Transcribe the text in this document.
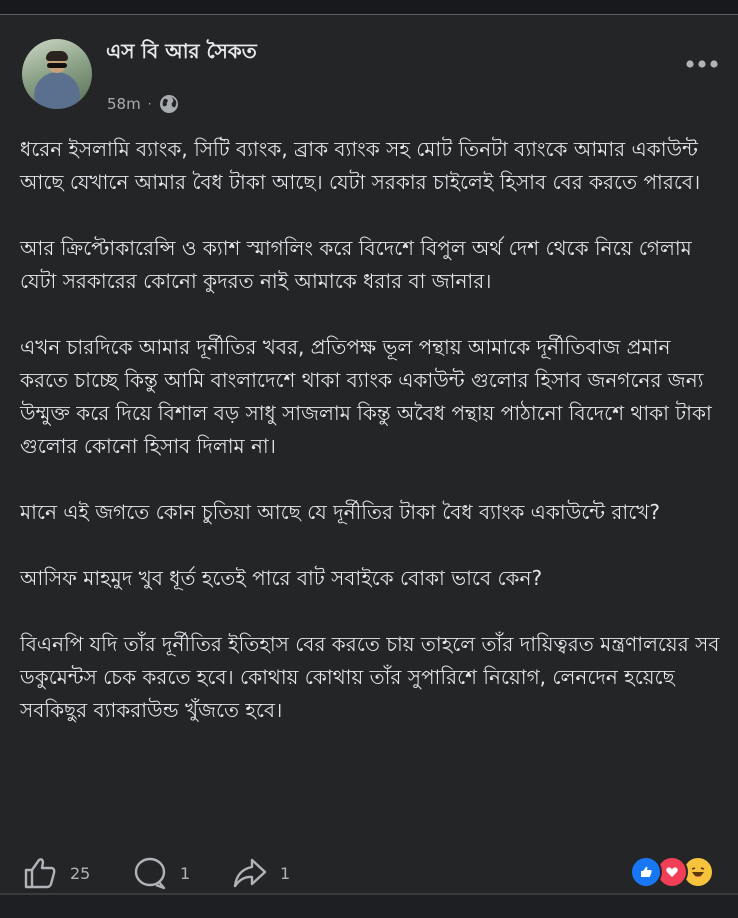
এস বি আর সৈকত
58m ·

ধরেন ইসলামি ব্যাংক, সিটি ব্যাংক, ব্রাক ব্যাংক সহ মোট তিনটা ব্যাংকে আমার একাউন্ট আছে যেখানে আমার বৈধ টাকা আছে। যেটা সরকার চাইলেই হিসাব বের করতে পারবে।

আর ক্রিপ্টোকারেন্সি ও ক্যাশ স্মাগলিং করে বিদেশে বিপুল অর্থ দেশ থেকে নিয়ে গেলাম যেটা সরকারের কোনো কুদরত নাই আমাকে ধরার বা জানার।

এখন চারদিকে আমার দূর্নীতির খবর, প্রতিপক্ষ ভূল পন্থায় আমাকে দূর্নীতিবাজ প্রমান করতে চাচ্ছে কিন্তু আমি বাংলাদেশে থাকা ব্যাংক একাউন্ট গুলোর হিসাব জনগনের জন্য উম্মুক্ত করে দিয়ে বিশাল বড় সাধু সাজলাম কিন্তু অবৈধ পন্থায় পাঠানো বিদেশে থাকা টাকা গুলোর কোনো হিসাব দিলাম না।

মানে এই জগতে কোন চুতিয়া আছে যে দূর্নীতির টাকা বৈধ ব্যাংক একাউন্টে রাখে?

আসিফ মাহমুদ খুব ধূর্ত হতেই পারে বাট সবাইকে বোকা ভাবে কেন?

বিএনপি যদি তাঁর দূর্নীতির ইতিহাস বের করতে চায় তাহলে তাঁর দায়িত্বরত মন্ত্রণালয়ের সব ডকুমেন্টস চেক করতে হবে। কোথায় কোথায় তাঁর সুপারিশে নিয়োগ, লেনদেন হয়েছে সবকিছুর ব্যাকরাউন্ড খুঁজতে হবে।

25	1	1
